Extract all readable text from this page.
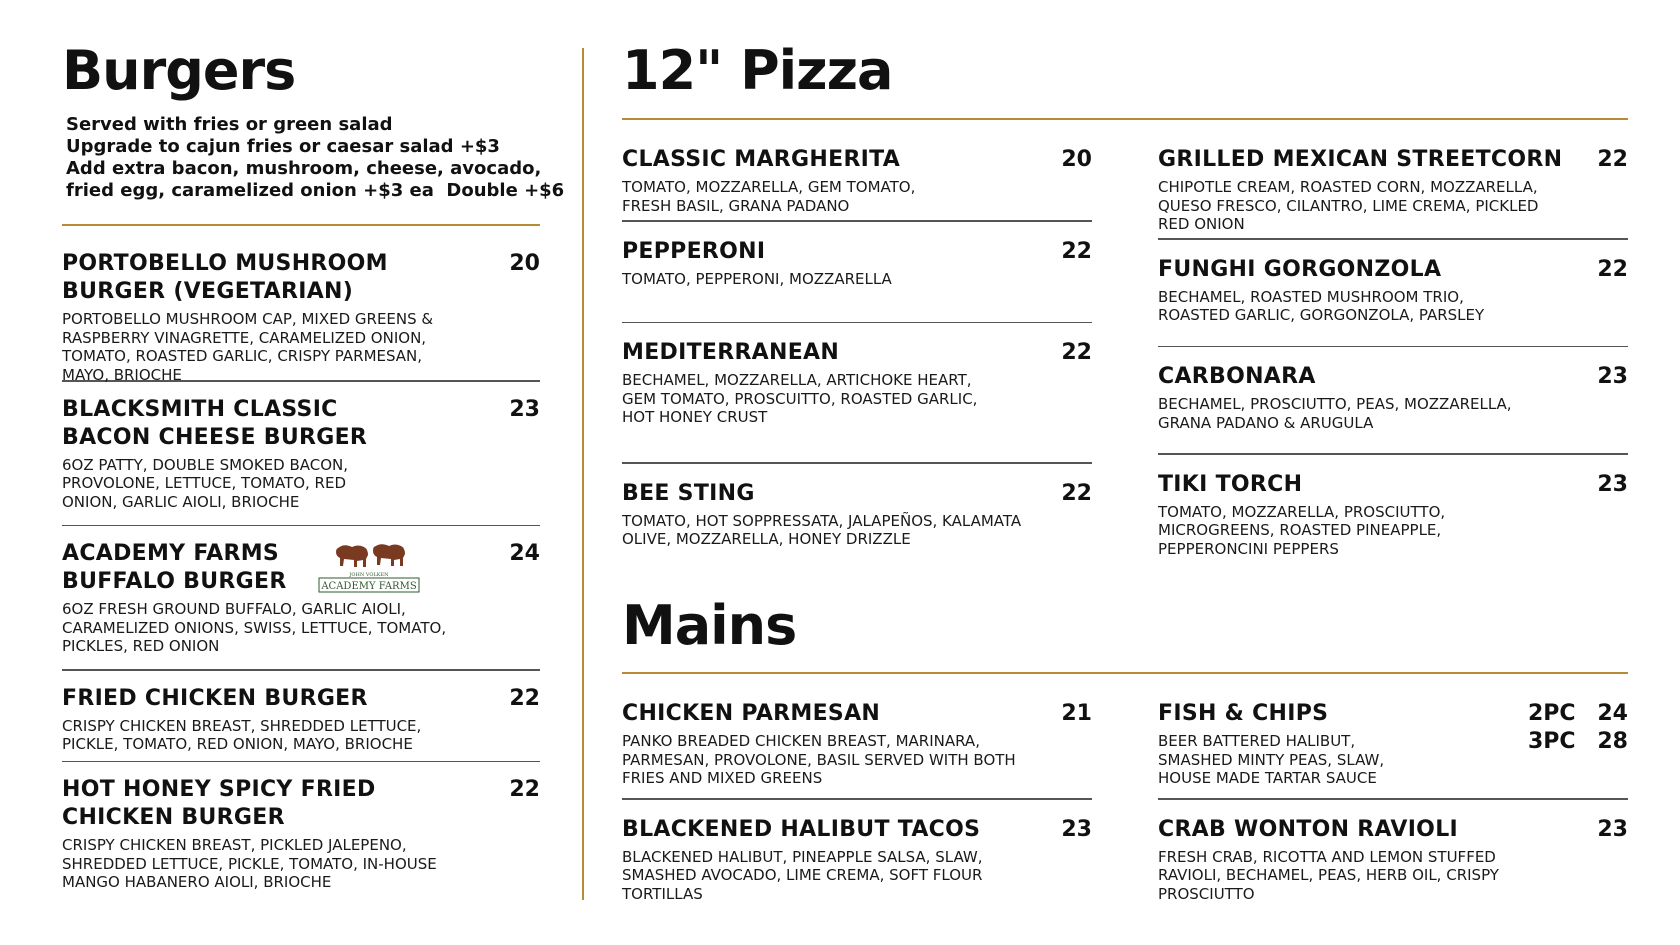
Burgers
Served with fries or green salad
Upgrade to cajun fries or caesar salad +$3
Add extra bacon, mushroom, cheese, avocado,
fried egg, caramelized onion +$3 ea  Double +$6
PORTOBELLO MUSHROOM BURGER (VEGETARIAN)
20
PORTOBELLO MUSHROOM CAP, MIXED GREENS & RASPBERRY VINAGRETTE, CARAMELIZED ONION, TOMATO, ROASTED GARLIC, CRISPY PARMESAN, MAYO, BRIOCHE
BLACKSMITH CLASSIC BACON CHEESE BURGER
23
6OZ PATTY, DOUBLE SMOKED BACON, PROVOLONE, LETTUCE, TOMATO, RED ONION, GARLIC AIOLI, BRIOCHE
ACADEMY FARMS BUFFALO BURGER
24
6OZ FRESH GROUND BUFFALO, GARLIC AIOLI, CARAMELIZED ONIONS, SWISS, LETTUCE, TOMATO, PICKLES, RED ONION
JOHN VOLKEN
ACADEMY FARMS
FRIED CHICKEN BURGER	22
CRISPY CHICKEN BREAST, SHREDDED LETTUCE, PICKLE, TOMATO, RED ONION, MAYO, BRIOCHE
HOT HONEY SPICY FRIED CHICKEN BURGER
22
CRISPY CHICKEN BREAST, PICKLED JALEPENO, SHREDDED LETTUCE, PICKLE, TOMATO, IN-HOUSE MANGO HABANERO AIOLI, BRIOCHE
12" Pizza
CLASSIC MARGHERITA	20
TOMATO, MOZZARELLA, GEM TOMATO, FRESH BASIL, GRANA PADANO
PEPPERONI	22
TOMATO, PEPPERONI, MOZZARELLA
MEDITERRANEAN	22
BECHAMEL, MOZZARELLA, ARTICHOKE HEART, GEM TOMATO, PROSCUITTO, ROASTED GARLIC, HOT HONEY CRUST
BEE STING	22
TOMATO, HOT SOPPRESSATA, JALAPEÑOS, KALAMATA OLIVE, MOZZARELLA, HONEY DRIZZLE
GRILLED MEXICAN STREETCORN	22
CHIPOTLE CREAM, ROASTED CORN, MOZZARELLA, QUESO FRESCO, CILANTRO, LIME CREMA, PICKLED RED ONION
FUNGHI GORGONZOLA	22
BECHAMEL, ROASTED MUSHROOM TRIO, ROASTED GARLIC, GORGONZOLA, PARSLEY
CARBONARA	23
BECHAMEL, PROSCIUTTO, PEAS, MOZZARELLA, GRANA PADANO & ARUGULA
TIKI TORCH	23
TOMATO, MOZZARELLA, PROSCIUTTO, MICROGREENS, ROASTED PINEAPPLE, PEPPERONCINI PEPPERS
Mains
CHICKEN PARMESAN	21
PANKO BREADED CHICKEN BREAST, MARINARA, PARMESAN, PROVOLONE, BASIL SERVED WITH BOTH FRIES AND MIXED GREENS
BLACKENED HALIBUT TACOS	23
BLACKENED HALIBUT, PINEAPPLE SALSA, SLAW, SMASHED AVOCADO, LIME CREMA, SOFT FLOUR TORTILLAS
FISH & CHIPS	2PC 24
3PC 28
BEER BATTERED HALIBUT, SMASHED MINTY PEAS, SLAW, HOUSE MADE TARTAR SAUCE
CRAB WONTON RAVIOLI	23
FRESH CRAB, RICOTTA AND LEMON STUFFED RAVIOLI, BECHAMEL, PEAS, HERB OIL, CRISPY PROSCIUTTO
